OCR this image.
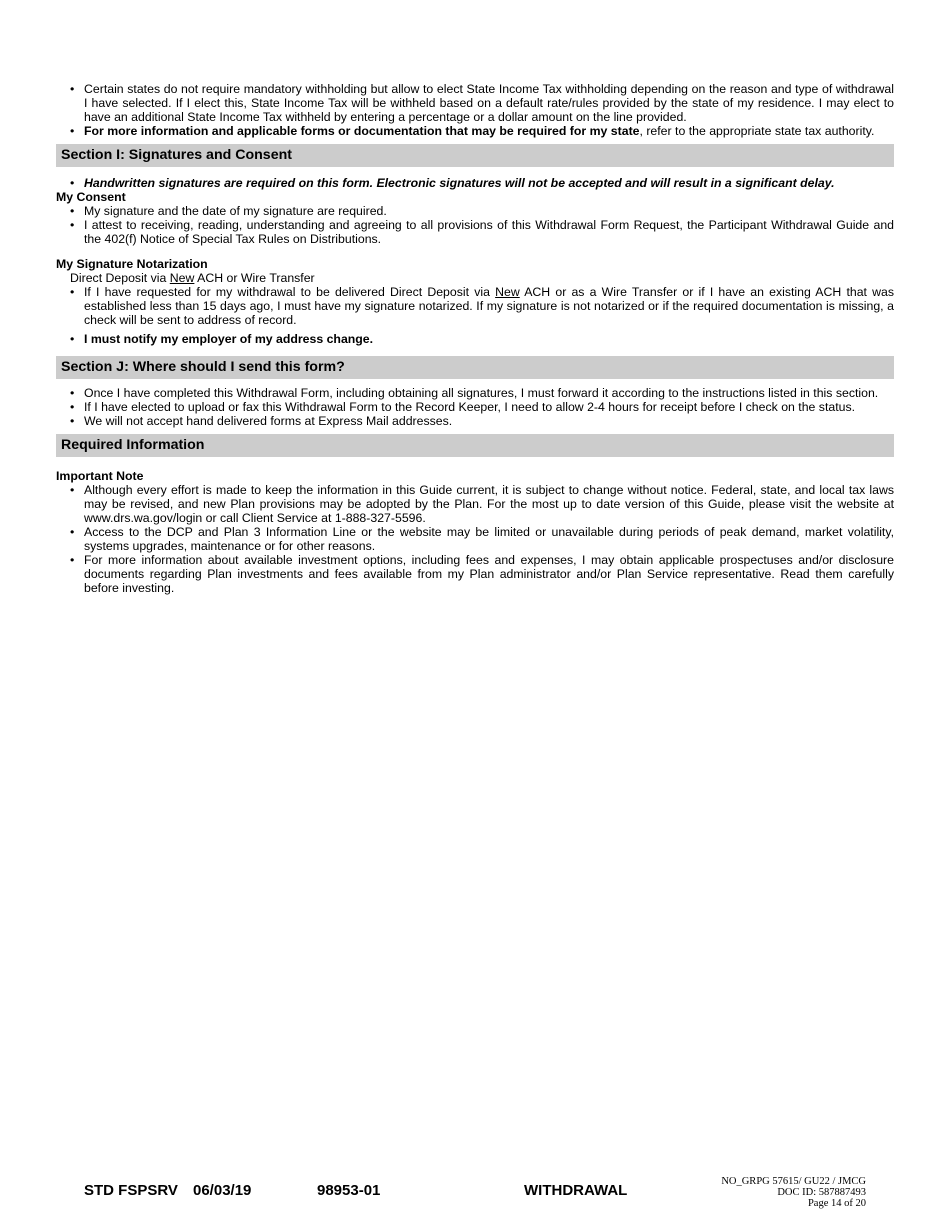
• Certain states do not require mandatory withholding but allow to elect State Income Tax withholding depending on the reason and type of withdrawal I have selected. If I elect this, State Income Tax will be withheld based on a default rate/rules provided by the state of my residence. I may elect to have an additional State Income Tax withheld by entering a percentage or a dollar amount on the line provided.
• For more information and applicable forms or documentation that may be required for my state, refer to the appropriate state tax authority.
Section I: Signatures and Consent
• Handwritten signatures are required on this form. Electronic signatures will not be accepted and will result in a significant delay.
My Consent
• My signature and the date of my signature are required.
• I attest to receiving, reading, understanding and agreeing to all provisions of this Withdrawal Form Request, the Participant Withdrawal Guide and the 402(f) Notice of Special Tax Rules on Distributions.
My Signature Notarization
Direct Deposit via New ACH or Wire Transfer
• If I have requested for my withdrawal to be delivered Direct Deposit via New ACH or as a Wire Transfer or if I have an existing ACH that was established less than 15 days ago, I must have my signature notarized. If my signature is not notarized or if the required documentation is missing, a check will be sent to address of record.
• I must notify my employer of my address change.
Section J: Where should I send this form?
• Once I have completed this Withdrawal Form, including obtaining all signatures, I must forward it according to the instructions listed in this section.
• If I have elected to upload or fax this Withdrawal Form to the Record Keeper, I need to allow 2-4 hours for receipt before I check on the status.
• We will not accept hand delivered forms at Express Mail addresses.
Required Information
Important Note
• Although every effort is made to keep the information in this Guide current, it is subject to change without notice. Federal, state, and local tax laws may be revised, and new Plan provisions may be adopted by the Plan. For the most up to date version of this Guide, please visit the website at www.drs.wa.gov/login or call Client Service at 1-888-327-5596.
• Access to the DCP and Plan 3 Information Line or the website may be limited or unavailable during periods of peak demand, market volatility, systems upgrades, maintenance or for other reasons.
• For more information about available investment options, including fees and expenses, I may obtain applicable prospectuses and/or disclosure documents regarding Plan investments and fees available from my Plan administrator and/or Plan Service representative. Read them carefully before investing.
STD FSPSRV 06/03/19	98953-01	WITHDRAWAL
NO_GRPG 57615/ GU22 / JMCG
DOC ID: 587887493
Page 14 of 20
